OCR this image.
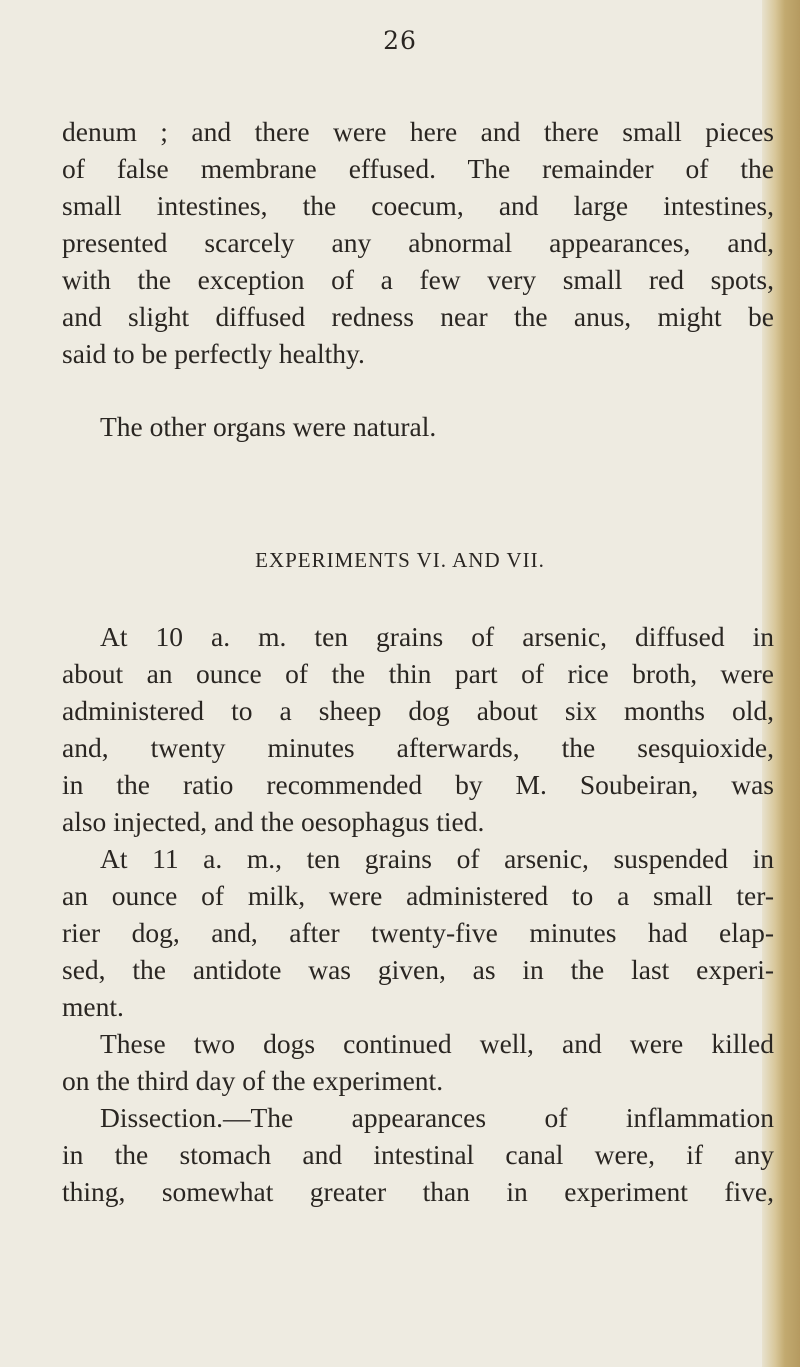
26

denum ; and there were here and there small pieces

of false membrane effused. The remainder of the

small intestines, the coecum, and large intestines,

presented scarcely any abnormal appearances, and,

with the exception of a few very small red spots,

and slight diffused redness near the anus, might be

said to be perfectly healthy.

The other organs were natural.

EXPERIMENTS VI. AND VII.

At 10 a. m. ten grains of arsenic, diffused in

about an ounce of the thin part of rice broth, were

administered to a sheep dog about six months old,

and, twenty minutes afterwards, the sesquioxide,

in the ratio recommended by M. Soubeiran, was

also injected, and the oesophagus tied.

At 11 a. m., ten grains of arsenic, suspended in

an ounce of milk, were administered to a small ter-

rier dog, and, after twenty-five minutes had elap-

sed, the antidote was given, as in the last experi-

ment.

These two dogs continued well, and were killed

on the third day of the experiment.

Dissection.—The appearances of inflammation

in the stomach and intestinal canal were, if any

thing, somewhat greater than in experiment five,
